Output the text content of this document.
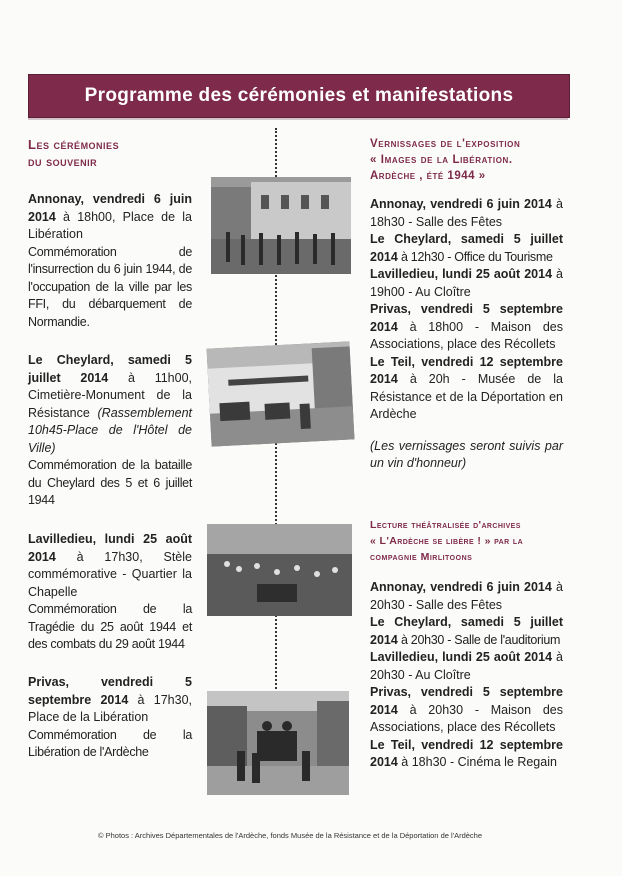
Programme des cérémonies et manifestations
Les cérémonies
du souvenir

Annonay, vendredi 6 juin 2014 à 18h00, Place de la Libération

Commémoration de l'insurrection du 6 juin 1944, de l'occupation de la ville par les FFI, du débarquement de Normandie.

Le Cheylard, samedi 5 juillet 2014 à 11h00, Cimetière-Monument de la Résistance (Rassemblement 10h45-Place de l'Hôtel de Ville)

Commémoration de la bataille du Cheylard des 5 et 6 juillet 1944

Lavilledieu, lundi 25 août 2014 à 17h30, Stèle commémorative - Quartier la Chapelle

Commémoration de la Tragédie du 25 août 1944 et des combats du 29 août 1944

Privas, vendredi 5 septembre 2014 à 17h30, Place de la Libération

Commémoration de la Libération de l'Ardèche

Vernissages de l'exposition
« Images de la Libération.
Ardèche , été 1944 »

Annonay, vendredi 6 juin 2014 à 18h30 - Salle des Fêtes

Le Cheylard, samedi 5 juillet 2014 à 12h30 - Office du Tourisme

Lavilledieu, lundi 25 août 2014 à 19h00 - Au Cloître

Privas, vendredi 5 septembre 2014 à 18h00 - Maison des Associations, place des Récollets

Le Teil, vendredi 12 septembre 2014 à 20h - Musée de la Résistance et de la Déportation en Ardèche

(Les vernissages seront suivis par un vin d'honneur)

Lecture théâtralisée d'archives
« L'Ardèche se libère ! » par la
compagnie Mirlitoons

Annonay, vendredi 6 juin 2014 à 20h30 - Salle des Fêtes

Le Cheylard, samedi 5 juillet 2014 à 20h30 - Salle de l'auditorium

Lavilledieu, lundi 25 août 2014 à 20h30 - Au Cloître

Privas, vendredi 5 septembre 2014 à 20h30 - Maison des Associations, place des Récollets

Le Teil, vendredi 12 septembre 2014 à 18h30 - Cinéma le Regain

© Photos : Archives Départementales de l'Ardèche, fonds Musée de la Résistance et de la Déportation de l'Ardèche
